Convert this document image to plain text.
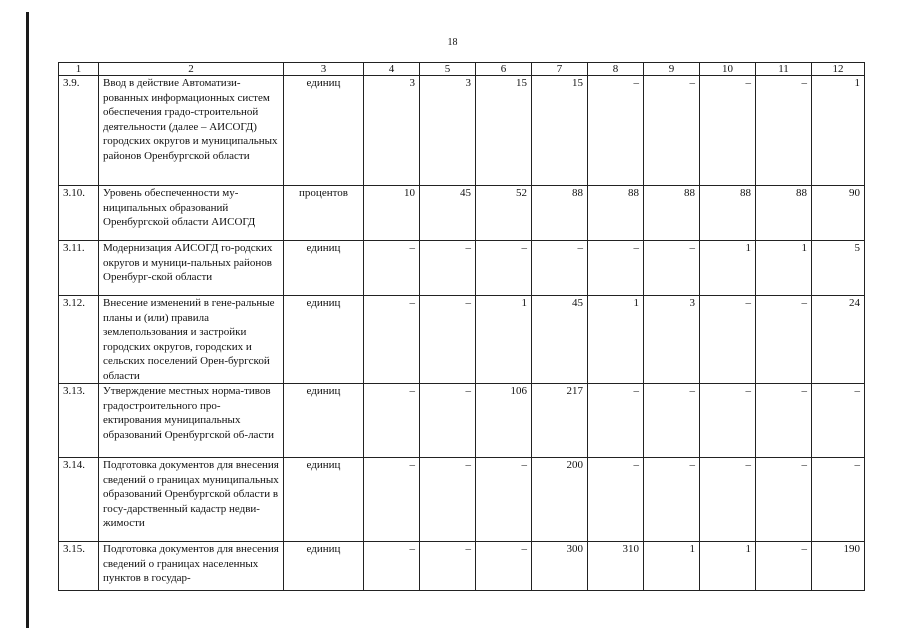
18
1	2	3	4	5	6	7	8	9	10	11	12
3.9.	Ввод в действие Автоматизи-рованных информационных систем обеспечения градо-строительной деятельности (далее – АИСОГД) городских округов и муниципальных районов Оренбургской области	единиц	3	3	15	15	–	–	–	–	1
3.10.	Уровень обеспеченности му-ниципальных образований Оренбургской области АИСОГД	процентов	10	45	52	88	88	88	88	88	90
3.11.	Модернизация АИСОГД го-родских округов и муници-пальных районов Оренбург-ской области	единиц	–	–	–	–	–	–	1	1	5
3.12.	Внесение изменений в гене-ральные планы и (или) правила землепользования и застройки городских округов, городских и сельских поселений Орен-бургской области	единиц	–	–	1	45	1	3	–	–	24
3.13.	Утверждение местных норма-тивов градостроительного про-ектирования муниципальных образований Оренбургской об-ласти	единиц	–	–	106	217	–	–	–	–	–
3.14.	Подготовка документов для внесения сведений о границах муниципальных образований Оренбургской области в госу-дарственный кадастр недви-жимости	единиц	–	–	–	200	–	–	–	–	–
3.15.	Подготовка документов для внесения сведений о границах населенных пунктов в государ-	единиц	–	–	–	300	310	1	1	–	190
